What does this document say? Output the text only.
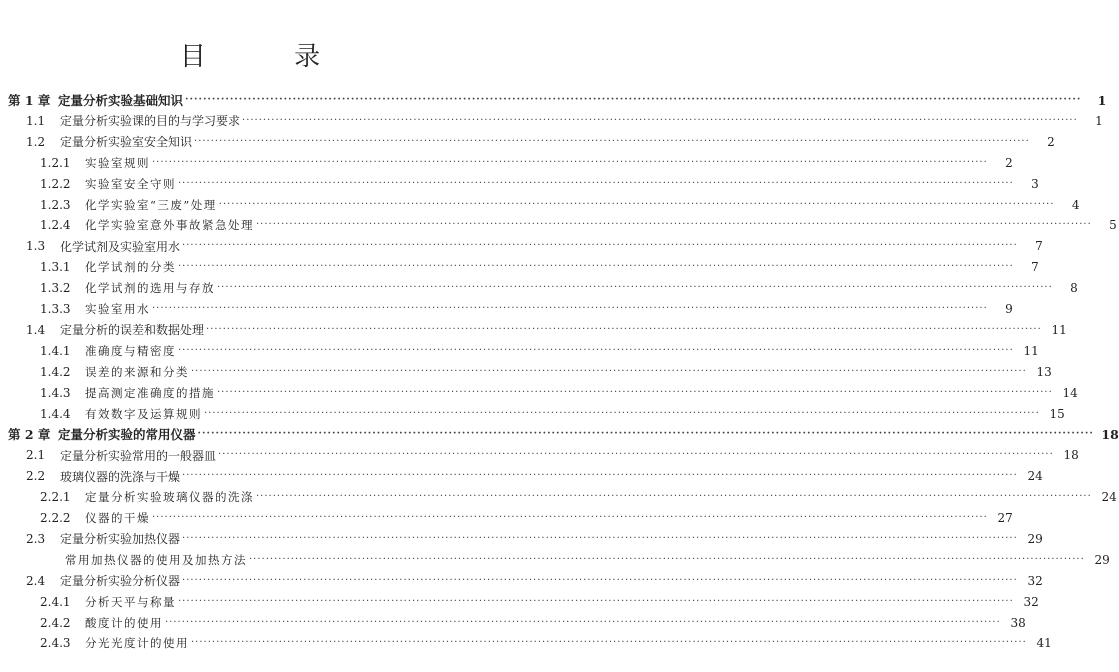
目 录
第 1 章 定量分析实验基础知识 ········································································································································································································	1
1.1	定量分析实验课的目的与学习要求 ········································································································································································································	1
1.2	定量分析实验室安全知识 ········································································································································································································	2
1.2.1	实验室规则 ········································································································································································································	2
1.2.2	实验室安全守则 ········································································································································································································	3
1.2.3	化学实验室“三废”处理 ········································································································································································································	4
1.2.4	化学实验室意外事故紧急处理 ········································································································································································································	5
1.3	化学试剂及实验室用水 ········································································································································································································	7
1.3.1	化学试剂的分类 ········································································································································································································	7
1.3.2	化学试剂的选用与存放 ········································································································································································································	8
1.3.3	实验室用水 ········································································································································································································	9
1.4	定量分析的误差和数据处理 ········································································································································································································ 11
1.4.1	准确度与精密度 ········································································································································································································ 11
1.4.2	误差的来源和分类 ········································································································································································································ 13
1.4.3	提高测定准确度的措施 ········································································································································································································ 14
1.4.4	有效数字及运算规则 ········································································································································································································ 15
第 2 章 定量分析实验的常用仪器 ········································································································································································································ 18
2.1	定量分析实验常用的一般器皿 ········································································································································································································ 18
2.2	玻璃仪器的洗涤与干燥 ········································································································································································································ 24
2.2.1	定量分析实验玻璃仪器的洗涤 ········································································································································································································ 24
2.2.2	仪器的干燥 ········································································································································································································ 27
2.3	定量分析实验加热仪器 ········································································································································································································ 29
常用加热仪器的使用及加热方法 ········································································································································································································ 29
2.4	定量分析实验分析仪器 ········································································································································································································ 32
2.4.1	分析天平与称量 ········································································································································································································ 32
2.4.2	酸度计的使用 ········································································································································································································ 38
2.4.3	分光光度计的使用 ········································································································································································································ 41
